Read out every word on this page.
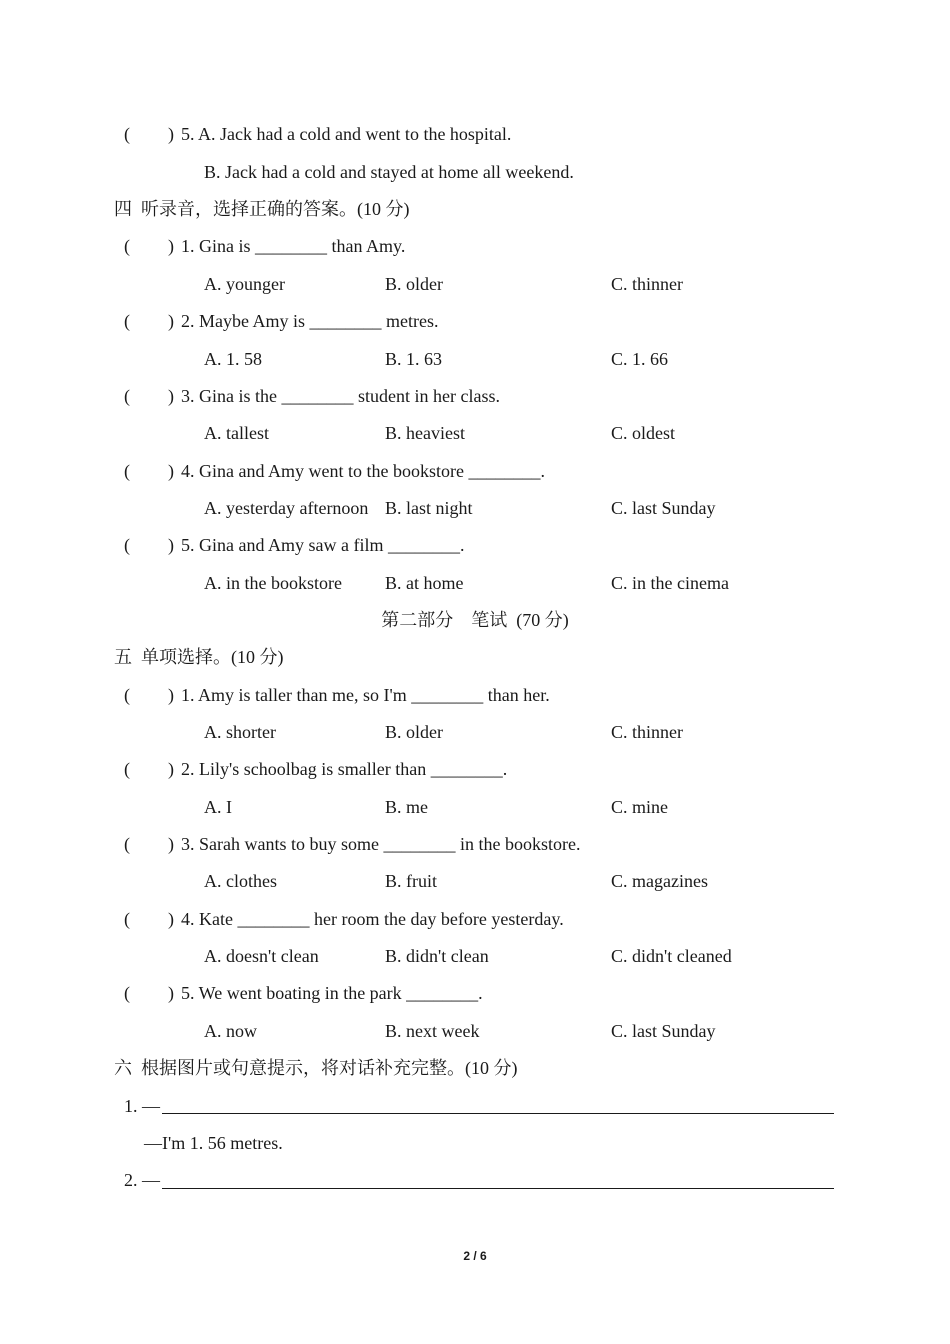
( ) 5. A. Jack had a cold and went to the hospital.
B. Jack had a cold and stayed at home all weekend.
四  听录音，选择正确的答案。(10 分)
( ) 1. Gina is ________ than Amy.
A. younger	B. older	C. thinner
( ) 2. Maybe Amy is ________ metres.
A. 1. 58	B. 1. 63	C. 1. 66
( ) 3. Gina is the ________ student in her class.
A. tallest	B. heaviest	C. oldest
( ) 4. Gina and Amy went to the bookstore ________.
A. yesterday afternoon B. last night	C. last Sunday
( ) 5. Gina and Amy saw a film ________.
A. in the bookstore B. at home	C. in the cinema
第二部分    笔试  (70 分)
五  单项选择。(10 分)
( ) 1. Amy is taller than me, so I'm ________ than her.
A. shorter	B. older	C. thinner
( ) 2. Lily's schoolbag is smaller than ________.
A. I	B. me	C. mine
( ) 3. Sarah wants to buy some ________ in the bookstore.
A. clothes	B. fruit	C. magazines
( ) 4. Kate ________ her room the day before yesterday.
A. doesn't clean	B. didn't clean	C. didn't cleaned
( ) 5. We went boating in the park ________.
A. now	B. next week	C. last Sunday
六  根据图片或句意提示，将对话补充完整。(10 分)
1. —
—I'm 1. 56 metres.
2. —
2 / 6
